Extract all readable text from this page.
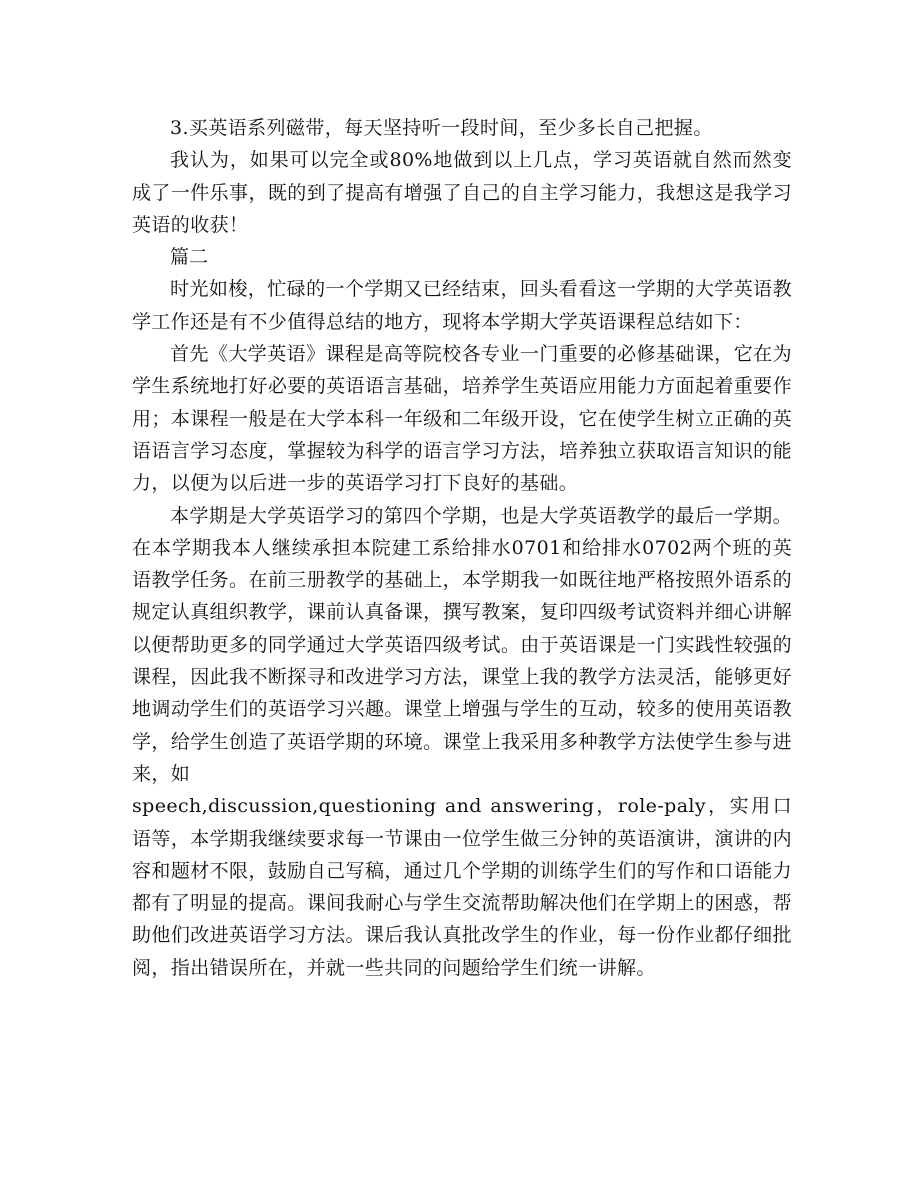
3.买英语系列磁带，每天坚持听一段时间，至少多长自己把握。

我认为，如果可以完全或80%地做到以上几点，学习英语就自然而然变成了一件乐事，既的到了提高有增强了自己的自主学习能力，我想这是我学习英语的收获！

篇二

时光如梭，忙碌的一个学期又已经结束，回头看看这一学期的大学英语教学工作还是有不少值得总结的地方，现将本学期大学英语课程总结如下：

首先《大学英语》课程是高等院校各专业一门重要的必修基础课，它在为学生系统地打好必要的英语语言基础，培养学生英语应用能力方面起着重要作用；本课程一般是在大学本科一年级和二年级开设，它在使学生树立正确的英语语言学习态度，掌握较为科学的语言学习方法，培养独立获取语言知识的能力，以便为以后进一步的英语学习打下良好的基础。

本学期是大学英语学习的第四个学期，也是大学英语教学的最后一学期。在本学期我本人继续承担本院建工系给排水0701和给排水0702两个班的英语教学任务。在前三册教学的基础上，本学期我一如既往地严格按照外语系的规定认真组织教学，课前认真备课，撰写教案，复印四级考试资料并细心讲解以便帮助更多的同学通过大学英语四级考试。由于英语课是一门实践性较强的课程，因此我不断探寻和改进学习方法，课堂上我的教学方法灵活，能够更好地调动学生们的英语学习兴趣。课堂上增强与学生的互动，较多的使用英语教学，给学生创造了英语学期的环境。课堂上我采用多种教学方法使学生参与进来，如

speech,discussion,questioning and answering，role-paly，实用口语等，本学期我继续要求每一节课由一位学生做三分钟的英语演讲，演讲的内容和题材不限，鼓励自己写稿，通过几个学期的训练学生们的写作和口语能力都有了明显的提高。课间我耐心与学生交流帮助解决他们在学期上的困惑，帮助他们改进英语学习方法。课后我认真批改学生的作业，每一份作业都仔细批阅，指出错误所在，并就一些共同的问题给学生们统一讲解。
